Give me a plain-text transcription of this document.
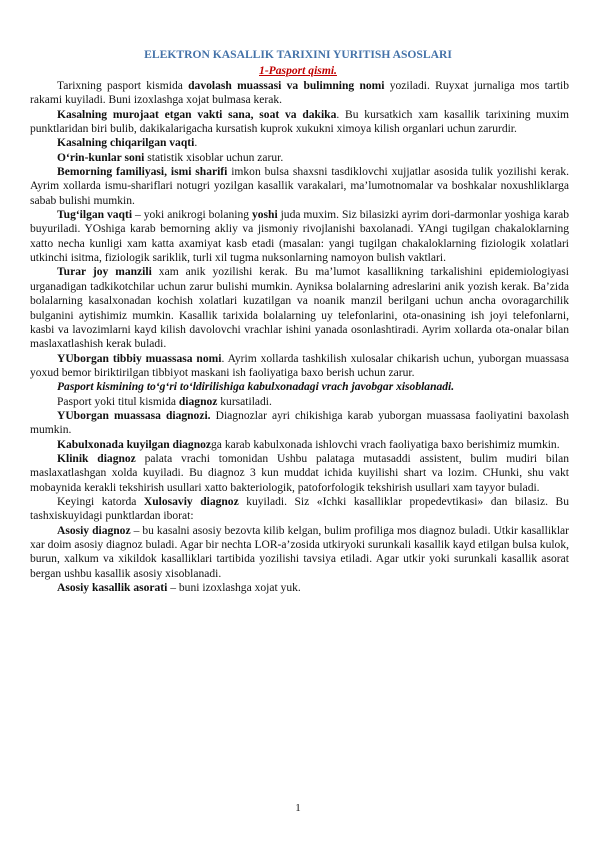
ELEKTRON KASALLIK TARIXINI YURITISH ASOSLARI
1-Pasport qismi.

Tarixning pasport kismida davolash muassasi va bulimning nomi yoziladi. Ruyxat jurnaliga mos tartib rakami kuyiladi. Buni izoxlashga xojat bulmasa kerak.

Kasalning murojaat etgan vakti sana, soat va dakika. Bu kursatkich xam kasallik tarixining muxim punktlaridan biri bulib, dakikalarigacha kursatish kuprok xukukni ximoya kilish organlari uchun zarurdir.

Kasalning chiqarilgan vaqti.

O‘rin-kunlar soni statistik xisoblar uchun zarur.

Bemorning familiyasi, ismi sharifi imkon bulsa shaxsni tasdiklovchi xujjatlar asosida tulik yozilishi kerak. Ayrim xollarda ismu-shariflari notugri yozilgan kasallik varakalari, ma’lumotnomalar va boshkalar noxushliklarga sabab bulishi mumkin.

Tug‘ilgan vaqti – yoki anikrogi bolaning yoshi juda muxim. Siz bilasizki ayrim dori-darmonlar yoshiga karab buyuriladi. YOshiga karab bemorning akliy va jismoniy rivojlanishi baxolanadi. YAngi tugilgan chakaloklarning xatto necha kunligi xam katta axamiyat kasb etadi (masalan: yangi tugilgan chakaloklarning fiziologik xolatlari utkinchi isitma, fiziologik sariklik, turli xil tugma nuksonlarning namoyon bulish vaktlari.

Turar joy manzili xam anik yozilishi kerak. Bu ma’lumot kasallikning tarkalishini epidemiologiyasi urganadigan tadkikotchilar uchun zarur bulishi mumkin. Ayniksa bolalarning adreslarini anik yozish kerak. Ba’zida bolalarning kasalxonadan kochish xolatlari kuzatilgan va noanik manzil berilgani uchun ancha ovoragarchilik bulganini aytishimiz mumkin. Kasallik tarixida bolalarning uy telefonlarini, ota-onasining ish joyi telefonlarni, kasbi va lavozimlarni kayd kilish davolovchi vrachlar ishini yanada osonlashtiradi. Ayrim xollarda ota-onalar bilan maslaxatlashish kerak buladi.

YUborgan tibbiy muassasa nomi. Ayrim xollarda tashkilish xulosalar chikarish uchun, yuborgan muassasa yoxud bemor biriktirilgan tibbiyot maskani ish faoliyatiga baxo berish uchun zarur.

Pasport kismining to‘g‘ri to‘ldirilishiga kabulxonadagi vrach javobgar xisoblanadi.

Pasport yoki titul kismida diagnoz kursatiladi.

YUborgan muassasa diagnozi. Diagnozlar ayri chikishiga karab yuborgan muassasa faoliyatini baxolash mumkin.

Kabulxonada kuyilgan diagnozga karab kabulxonada ishlovchi vrach faoliyatiga baxo berishimiz mumkin.

Klinik diagnoz palata vrachi tomonidan Ushbu palataga mutasaddi assistent, bulim mudiri bilan maslaxatlashgan xolda kuyiladi. Bu diagnoz 3 kun muddat ichida kuyilishi shart va lozim. CHunki, shu vakt mobaynida kerakli tekshirish usullari xatto bakteriologik, patoforfologik tekshirish usullari xam tayyor buladi.

Keyingi katorda Xulosaviy diagnoz kuyiladi. Siz «Ichki kasalliklar propedevtikasi» dan bilasiz. Bu tashxiskuyidagi punktlardan iborat:

Asosiy diagnoz – bu kasalni asosiy bezovta kilib kelgan, bulim profiliga mos diagnoz buladi. Utkir kasalliklar xar doim asosiy diagnoz buladi. Agar bir nechta LOR-a’zosida utkiryoki surunkali kasallik kayd etilgan bulsa kulok, burun, xalkum va xikildok kasalliklari tartibida yozilishi tavsiya etiladi. Agar utkir yoki surunkali kasallik asorat bergan ushbu kasallik asosiy xisoblanadi.

Asosiy kasallik asorati – buni izoxlashga xojat yuk.

1
